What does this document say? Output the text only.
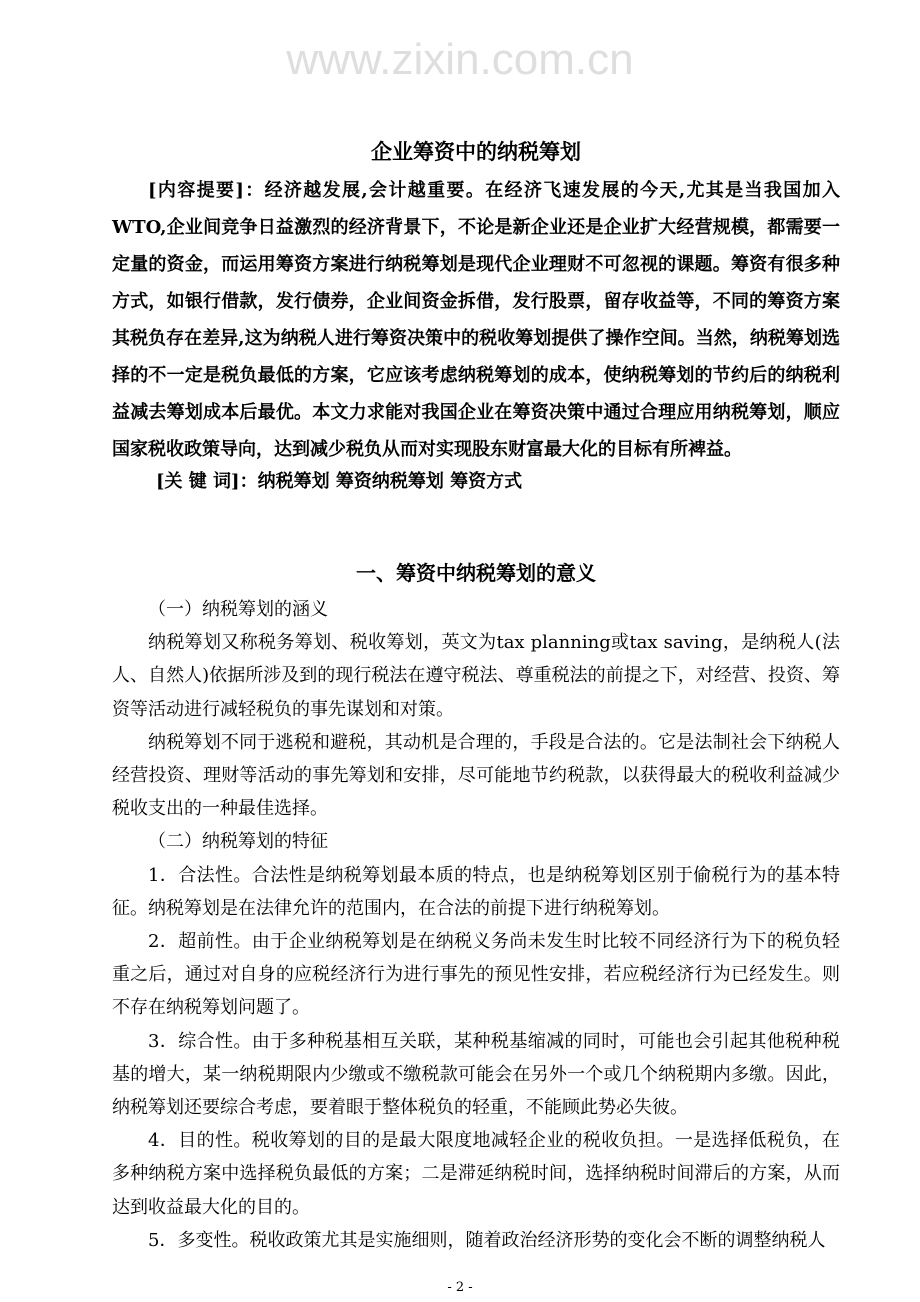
www.zixin.com.cn
企业筹资中的纳税筹划

[内容提要]：经济越发展,会计越重要。在经济飞速发展的今天,尤其是当我国加入WTO,企业间竞争日益激烈的经济背景下，不论是新企业还是企业扩大经营规模，都需要一定量的资金，而运用筹资方案进行纳税筹划是现代企业理财不可忽视的课题。筹资有很多种方式，如银行借款，发行债券，企业间资金拆借，发行股票，留存收益等，不同的筹资方案其税负存在差异,这为纳税人进行筹资决策中的税收筹划提供了操作空间。当然，纳税筹划选择的不一定是税负最低的方案，它应该考虑纳税筹划的成本，使纳税筹划的节约后的纳税利益减去筹划成本后最优。本文力求能对我国企业在筹资决策中通过合理应用纳税筹划，顺应国家税收政策导向，达到减少税负从而对实现股东财富最大化的目标有所裨益。

[关 键 词]：纳税筹划 筹资纳税筹划 筹资方式

一、筹资中纳税筹划的意义

（一）纳税筹划的涵义

纳税筹划又称税务筹划、税收筹划，英文为tax planning或tax saving，是纳税人(法人、自然人)依据所涉及到的现行税法在遵守税法、尊重税法的前提之下，对经营、投资、筹资等活动进行减轻税负的事先谋划和对策。

纳税筹划不同于逃税和避税，其动机是合理的，手段是合法的。它是法制社会下纳税人经营投资、理财等活动的事先筹划和安排，尽可能地节约税款，以获得最大的税收利益减少税收支出的一种最佳选择。

（二）纳税筹划的特征

1．合法性。合法性是纳税筹划最本质的特点，也是纳税筹划区别于偷税行为的基本特征。纳税筹划是在法律允许的范围内，在合法的前提下进行纳税筹划。

2．超前性。由于企业纳税筹划是在纳税义务尚未发生时比较不同经济行为下的税负轻重之后，通过对自身的应税经济行为进行事先的预见性安排，若应税经济行为已经发生。则不存在纳税筹划问题了。

3．综合性。由于多种税基相互关联，某种税基缩减的同时，可能也会引起其他税种税基的增大，某一纳税期限内少缴或不缴税款可能会在另外一个或几个纳税期内多缴。因此，纳税筹划还要综合考虑，要着眼于整体税负的轻重，不能顾此势必失彼。

4．目的性。税收筹划的目的是最大限度地减轻企业的税收负担。一是选择低税负，在多种纳税方案中选择税负最低的方案；二是滞延纳税时间，选择纳税时间滞后的方案，从而达到收益最大化的目的。

5．多变性。税收政策尤其是实施细则，随着政治经济形势的变化会不断的调整纳税人

- 2 -
